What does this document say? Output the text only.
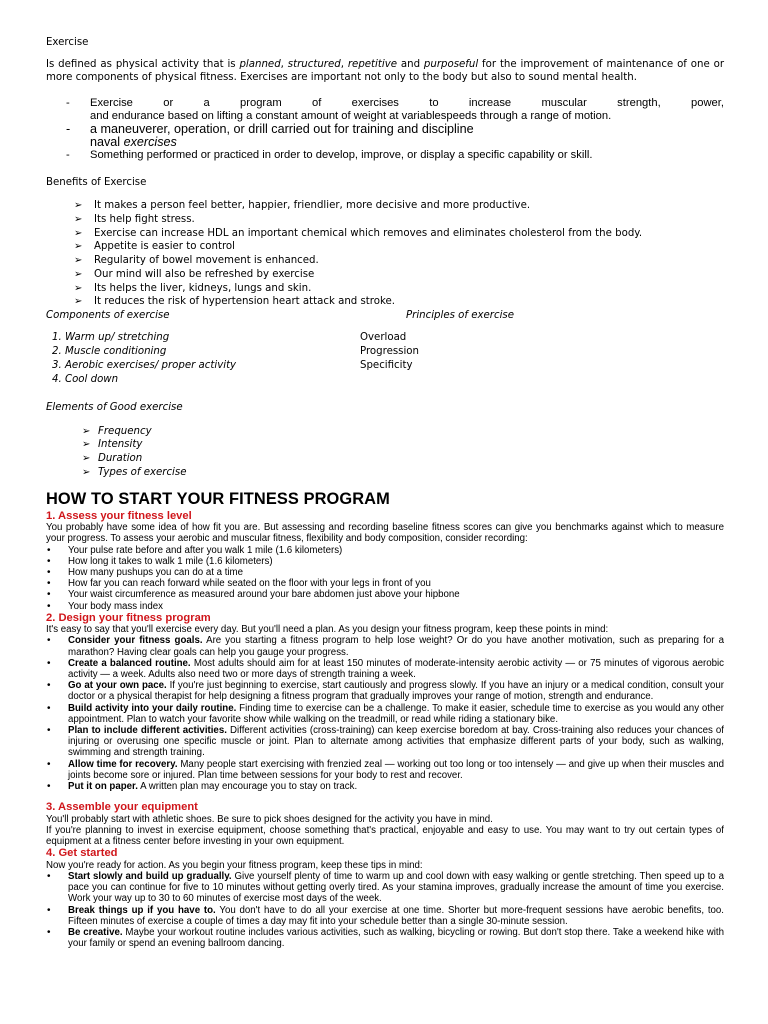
Exercise

Is defined as physical activity that is planned, structured, repetitive and purposeful for the improvement of maintenance of one or more components of physical fitness. Exercises are important not only to the body but also to sound mental health.

- Exercise or a program of exercises to increase muscular strength, power,
and endurance based on lifting a constant amount of weight at variablespeeds through a range of motion.
- a maneuverer, operation, or drill carried out for training and discipline
naval exercises
- Something performed or practiced in order to develop, improve, or display a specific capability or skill.

Benefits of Exercise

➢ It makes a person feel better, happier, friendlier, more decisive and more productive.
➢ Its help fight stress.
➢ Exercise can increase HDL an important chemical which removes and eliminates cholesterol from the body.
➢ Appetite is easier to control
➢ Regularity of bowel movement is enhanced.
➢ Our mind will also be refreshed by exercise
➢ Its helps the liver, kidneys, lungs and skin.
➢ It reduces the risk of hypertension heart attack and stroke.
Components of exercise	Principles of exercise
1. Warm up/ stretching
2. Muscle conditioning
3. Aerobic exercises/ proper activity
4. Cool down
Overload
Progression
Specificity

Elements of Good exercise

➢ Frequency
➢ Intensity
➢ Duration
➢ Types of exercise
HOW TO START YOUR FITNESS PROGRAM

1. Assess your fitness level

You probably have some idea of how fit you are. But assessing and recording baseline fitness scores can give you benchmarks against which to measure your progress. To assess your aerobic and muscular fitness, flexibility and body composition, consider recording:

• Your pulse rate before and after you walk 1 mile (1.6 kilometers)
• How long it takes to walk 1 mile (1.6 kilometers)
• How many pushups you can do at a time
• How far you can reach forward while seated on the floor with your legs in front of you
• Your waist circumference as measured around your bare abdomen just above your hipbone
• Your body mass index

2. Design your fitness program

It's easy to say that you'll exercise every day. But you'll need a plan. As you design your fitness program, keep these points in mind:

• Consider your fitness goals. Are you starting a fitness program to help lose weight? Or do you have another motivation, such as preparing for a marathon? Having clear goals can help you gauge your progress.
• Create a balanced routine. Most adults should aim for at least 150 minutes of moderate-intensity aerobic activity — or 75 minutes of vigorous aerobic activity — a week. Adults also need two or more days of strength training a week.
• Go at your own pace. If you're just beginning to exercise, start cautiously and progress slowly. If you have an injury or a medical condition, consult your doctor or a physical therapist for help designing a fitness program that gradually improves your range of motion, strength and endurance.
• Build activity into your daily routine. Finding time to exercise can be a challenge. To make it easier, schedule time to exercise as you would any other appointment. Plan to watch your favorite show while walking on the treadmill, or read while riding a stationary bike.
• Plan to include different activities. Different activities (cross-training) can keep exercise boredom at bay. Cross-training also reduces your chances of injuring or overusing one specific muscle or joint. Plan to alternate among activities that emphasize different parts of your body, such as walking, swimming and strength training.
• Allow time for recovery. Many people start exercising with frenzied zeal — working out too long or too intensely — and give up when their muscles and joints become sore or injured. Plan time between sessions for your body to rest and recover.
• Put it on paper. A written plan may encourage you to stay on track.

3. Assemble your equipment

You'll probably start with athletic shoes. Be sure to pick shoes designed for the activity you have in mind.

If you're planning to invest in exercise equipment, choose something that's practical, enjoyable and easy to use. You may want to try out certain types of equipment at a fitness center before investing in your own equipment.

4. Get started

Now you're ready for action. As you begin your fitness program, keep these tips in mind:

• Start slowly and build up gradually. Give yourself plenty of time to warm up and cool down with easy walking or gentle stretching. Then speed up to a pace you can continue for five to 10 minutes without getting overly tired. As your stamina improves, gradually increase the amount of time you exercise. Work your way up to 30 to 60 minutes of exercise most days of the week.
• Break things up if you have to. You don't have to do all your exercise at one time. Shorter but more-frequent sessions have aerobic benefits, too. Fifteen minutes of exercise a couple of times a day may fit into your schedule better than a single 30-minute session.
• Be creative. Maybe your workout routine includes various activities, such as walking, bicycling or rowing. But don't stop there. Take a weekend hike with your family or spend an evening ballroom dancing.
